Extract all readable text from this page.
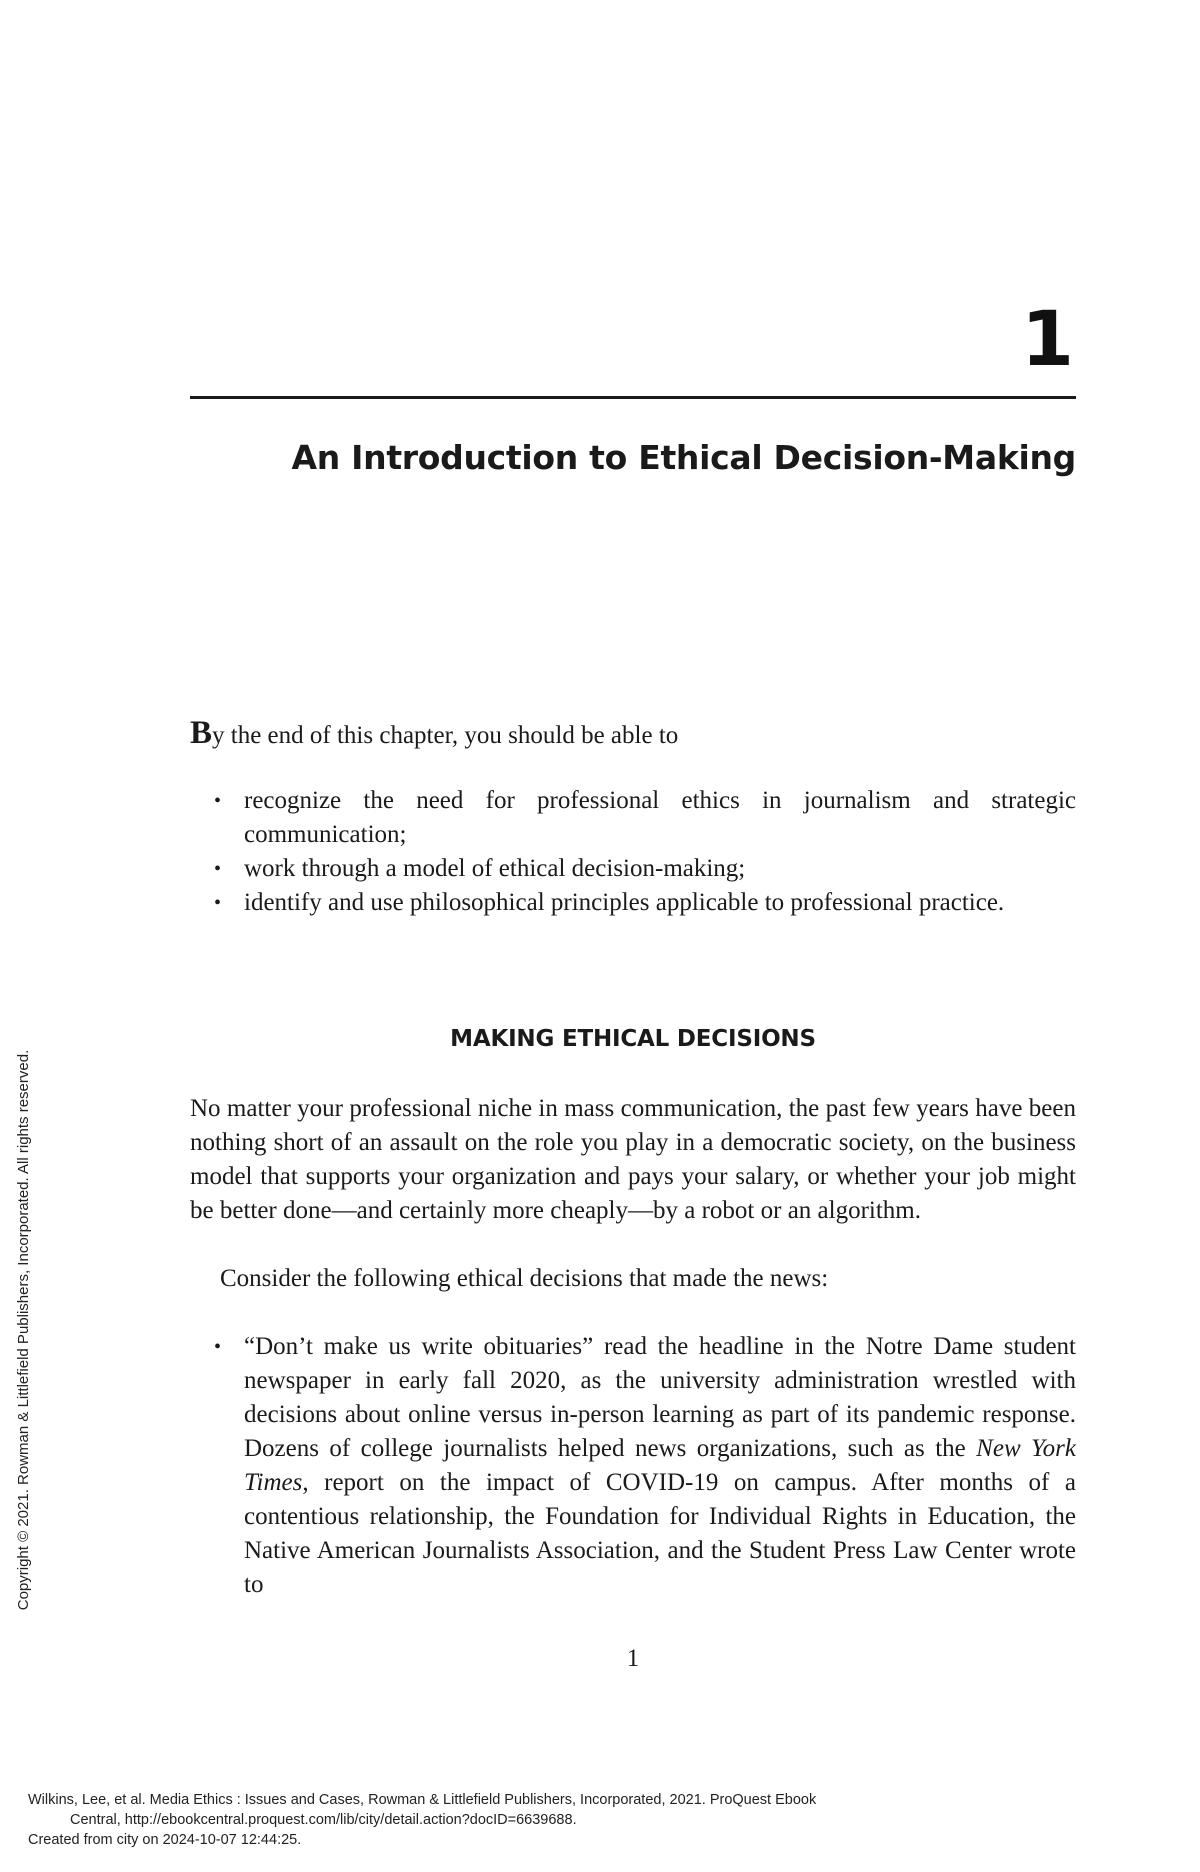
1
An Introduction to Ethical Decision-Making
By the end of this chapter, you should be able to
• recognize the need for professional ethics in journalism and strategic communication;
• work through a model of ethical decision-making;
• identify and use philosophical principles applicable to professional practice.
MAKING ETHICAL DECISIONS

No matter your professional niche in mass communication, the past few years have been nothing short of an assault on the role you play in a democratic society, on the business model that supports your organization and pays your salary, or whether your job might be better done—and certainly more cheaply—by a robot or an algorithm.

Consider the following ethical decisions that made the news:

• “Don’t make us write obituaries” read the headline in the Notre Dame student newspaper in early fall 2020, as the university administration wrestled with decisions about online versus in-person learning as part of its pandemic response. Dozens of college journalists helped news organizations, such as the New York Times, report on the impact of COVID-19 on campus. After months of a contentious relationship, the Foundation for Individual Rights in Education, the Native American Journalists Association, and the Student Press Law Center wrote to
1
Copyright © 2021. Rowman & Littlefield Publishers, Incorporated. All rights reserved.
Wilkins, Lee, et al. Media Ethics : Issues and Cases, Rowman & Littlefield Publishers, Incorporated, 2021. ProQuest Ebook
Central, http://ebookcentral.proquest.com/lib/city/detail.action?docID=6639688.
Created from city on 2024-10-07 12:44:25.
